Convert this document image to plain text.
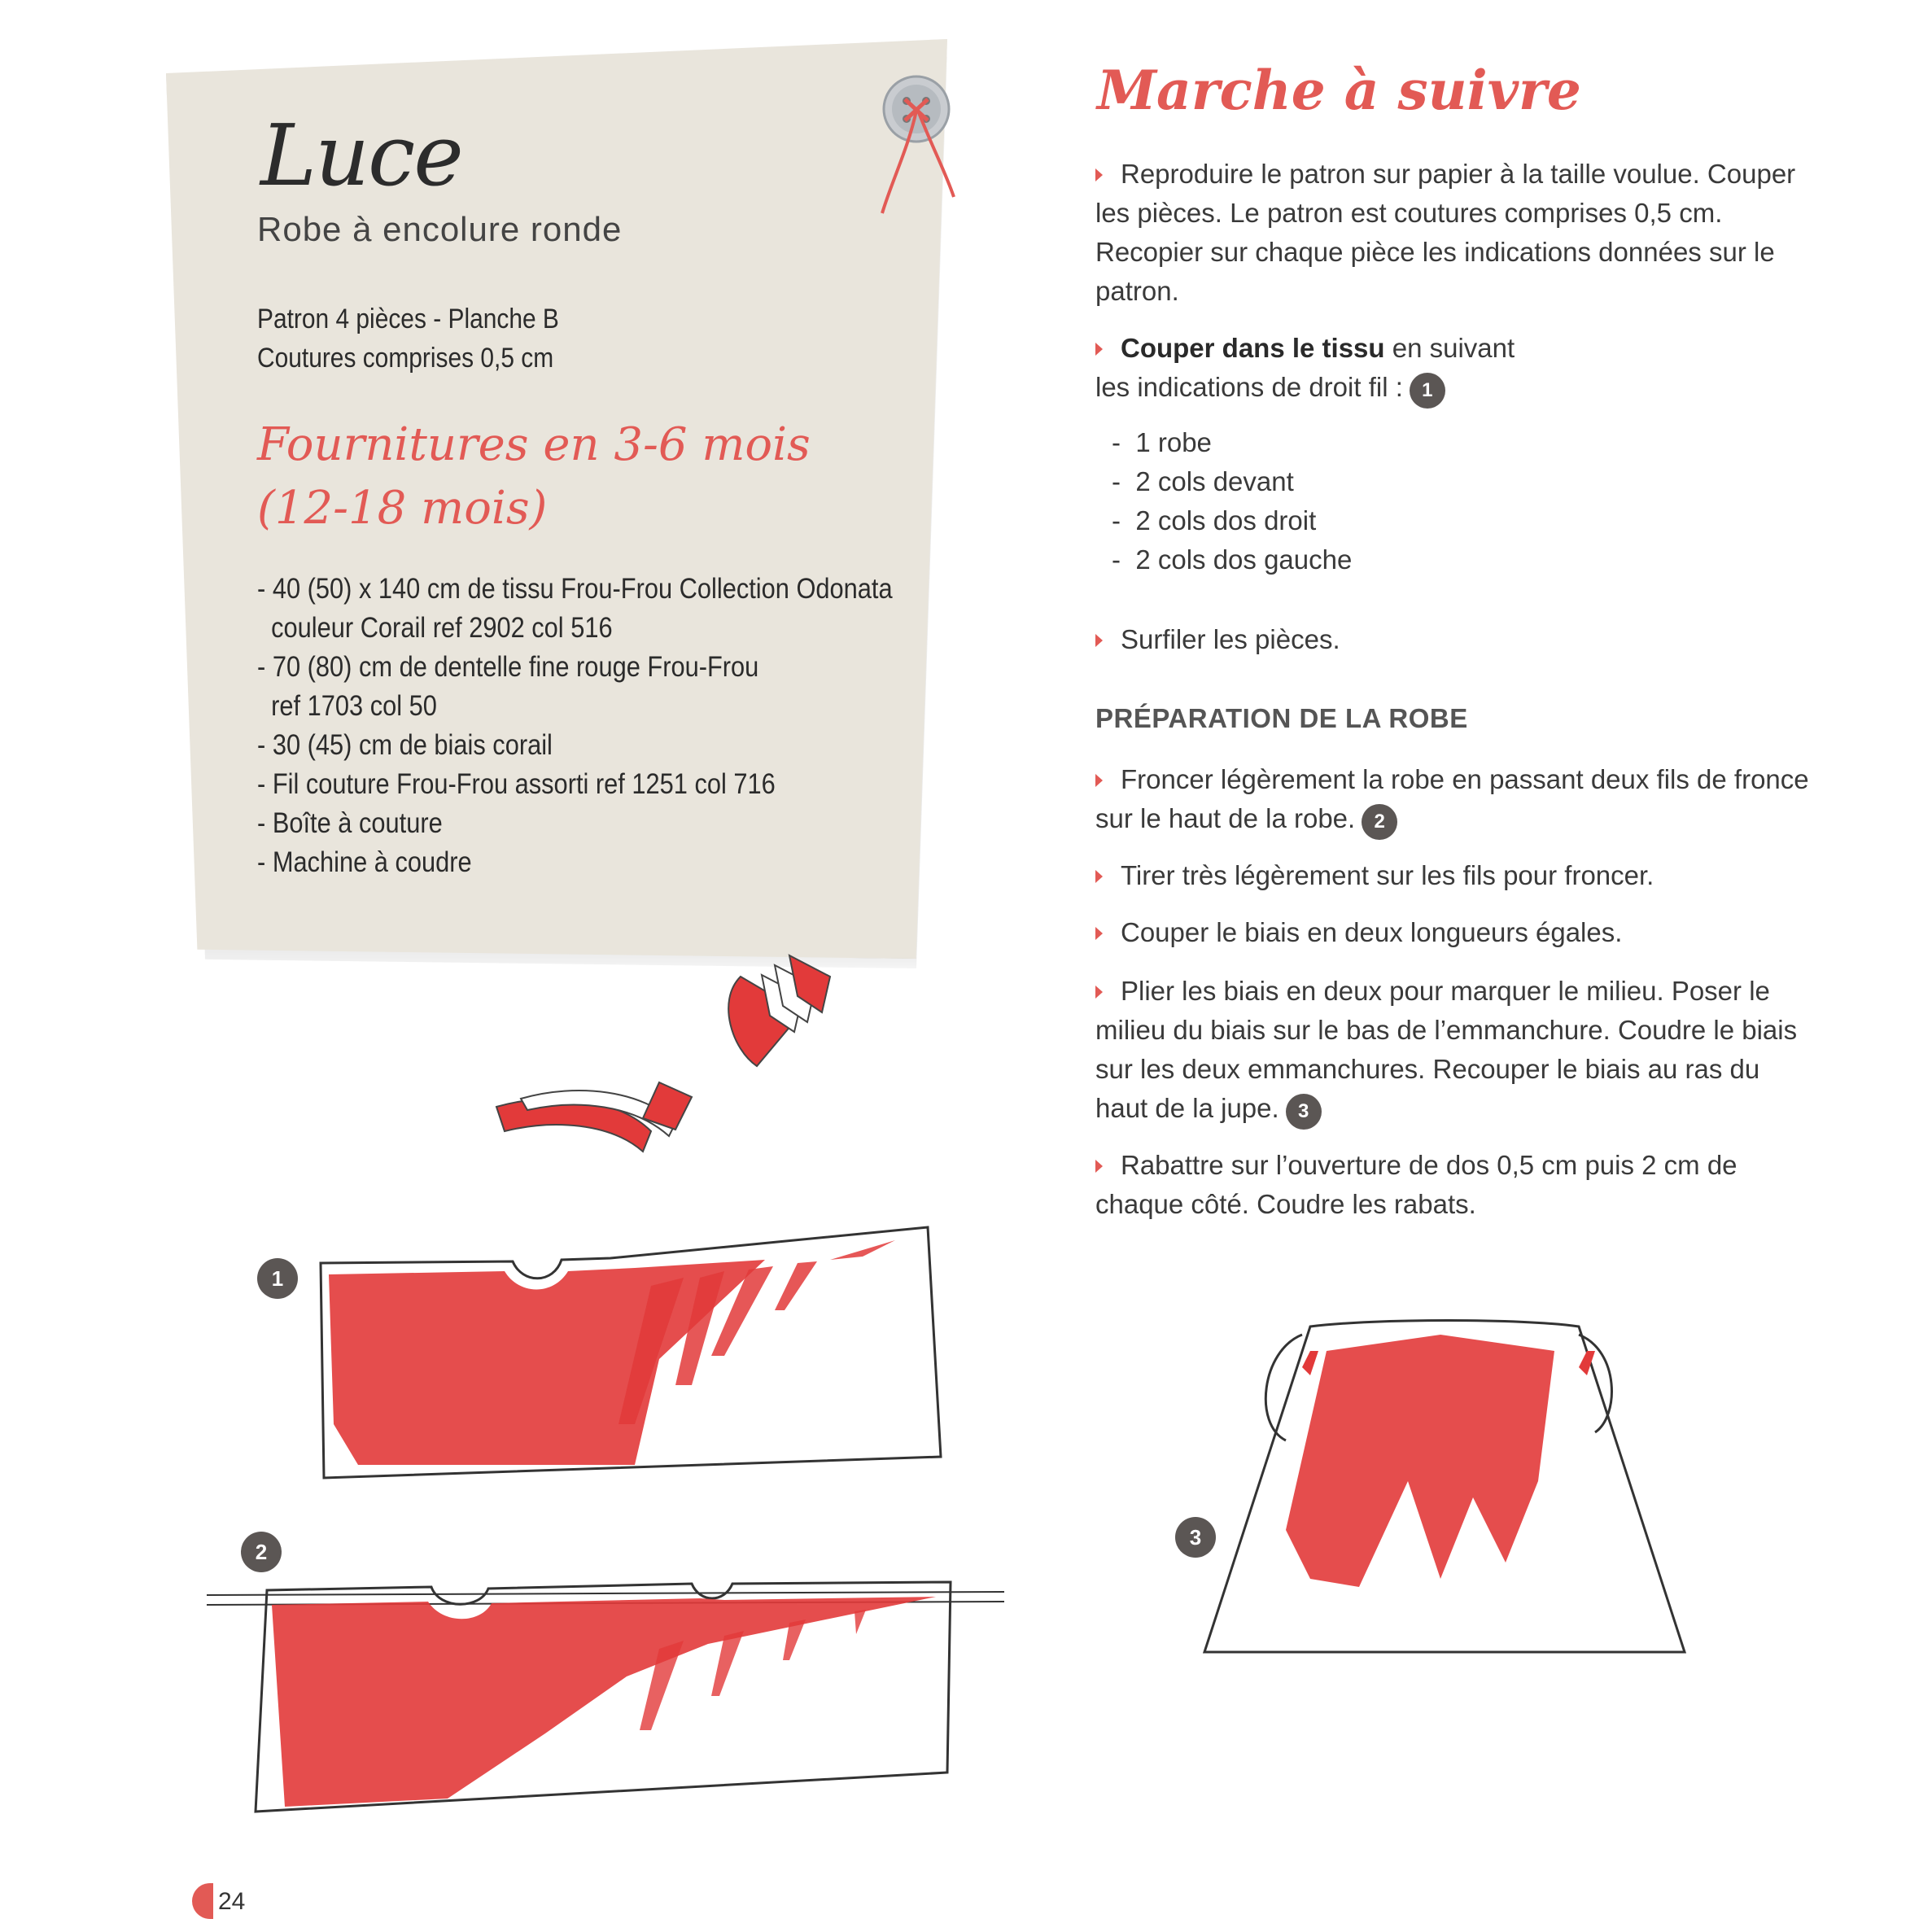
Luce
Robe à encolure ronde
Patron 4 pièces - Planche B
Coutures comprises 0,5 cm
Fournitures en 3-6 mois
(12-18 mois)
- 40 (50) x 140 cm de tissu Frou-Frou Collection Odonata
couleur Corail ref 2902 col 516
- 70 (80) cm de dentelle fine rouge Frou-Frou
ref 1703 col 50
- 30 (45) cm de biais corail
- Fil couture Frou-Frou assorti ref 1251 col 716
- Boîte à couture
- Machine à coudre
Marche à suivre
Reproduire le patron sur papier à la taille voulue. Couper les pièces. Le patron est coutures comprises 0,5 cm. Recopier sur chaque pièce les indications données sur le patron.
Couper dans le tissu en suivant les indications de droit fil : 1
-  1 robe
-  2 cols devant
-  2 cols dos droit
-  2 cols dos gauche
Surfiler les pièces.
PRÉPARATION DE LA ROBE
Froncer légèrement la robe en passant deux fils de fronce sur le haut de la robe. 2
Tirer très légèrement sur les fils pour froncer.
Couper le biais en deux longueurs égales.
Plier les biais en deux pour marquer le milieu. Poser le milieu du biais sur le bas de l’emmanchure. Coudre le biais sur les deux emmanchures. Recouper le biais au ras du haut de la jupe. 3
Rabattre sur l’ouverture de dos 0,5 cm puis 2 cm de chaque côté. Coudre les rabats.
1
2
3
24
